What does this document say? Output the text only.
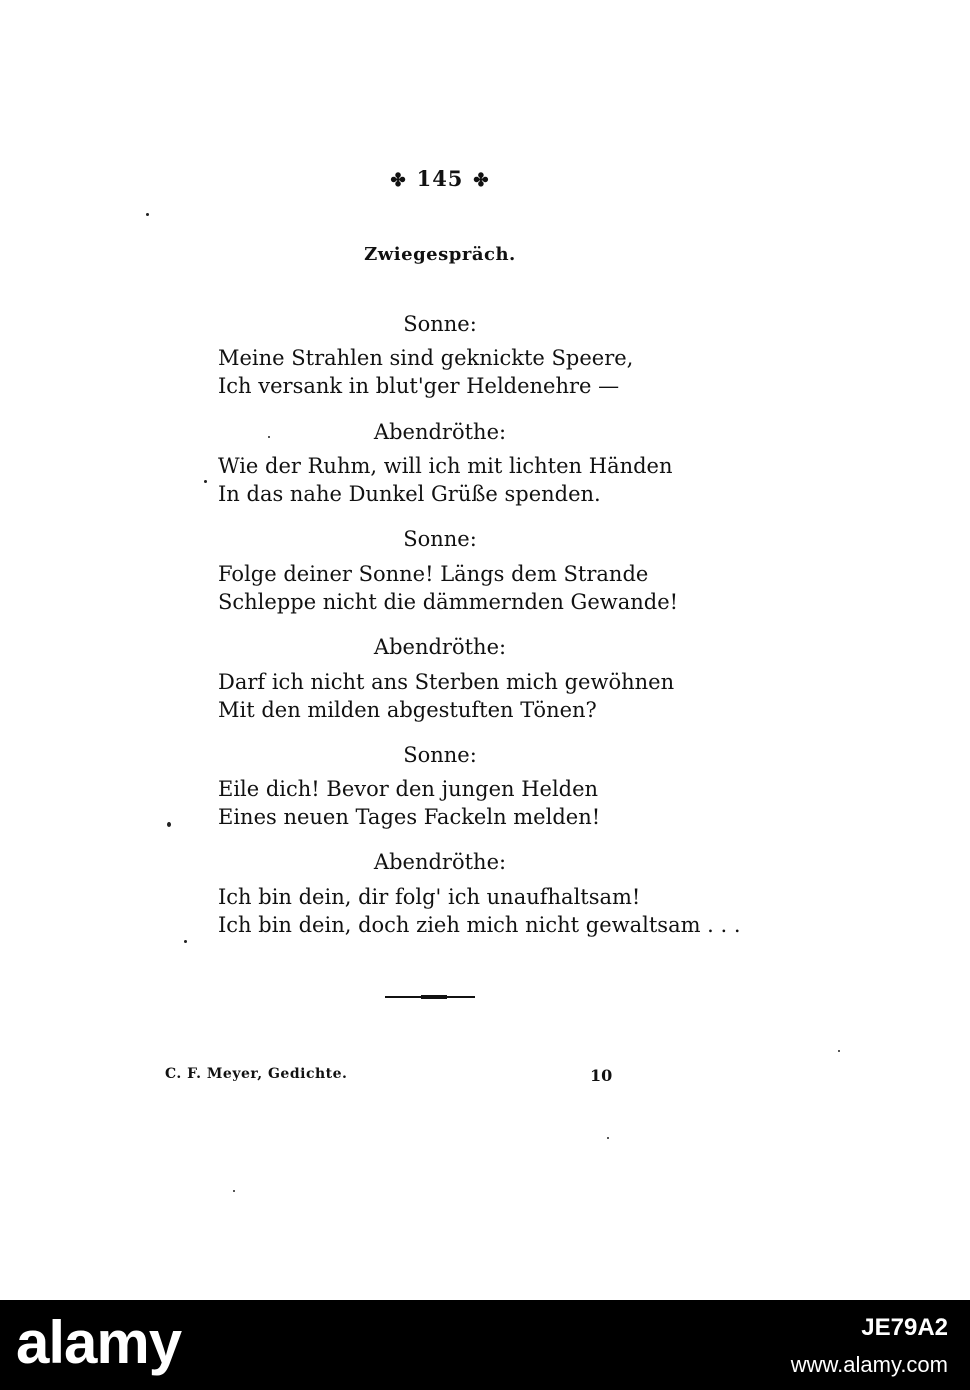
✤ 145 ✤
Zwiegespräch.
Sonne:
Meine Strahlen sind geknickte Speere,
Ich versank in blut'ger Heldenehre —
Abendröthe:
Wie der Ruhm, will ich mit lichten Händen
In das nahe Dunkel Grüße spenden.
Sonne:
Folge deiner Sonne! Längs dem Strande
Schleppe nicht die dämmernden Gewande!
Abendröthe:
Darf ich nicht ans Sterben mich gewöhnen
Mit den milden abgestuften Tönen?
Sonne:
Eile dich! Bevor den jungen Helden
Eines neuen Tages Fackeln melden!
Abendröthe:
Ich bin dein, dir folg' ich unaufhaltsam!
Ich bin dein, doch zieh mich nicht gewaltsam . . .
C. F. Meyer, Gedichte.	10
alamy	JE79A2
www.alamy.com
